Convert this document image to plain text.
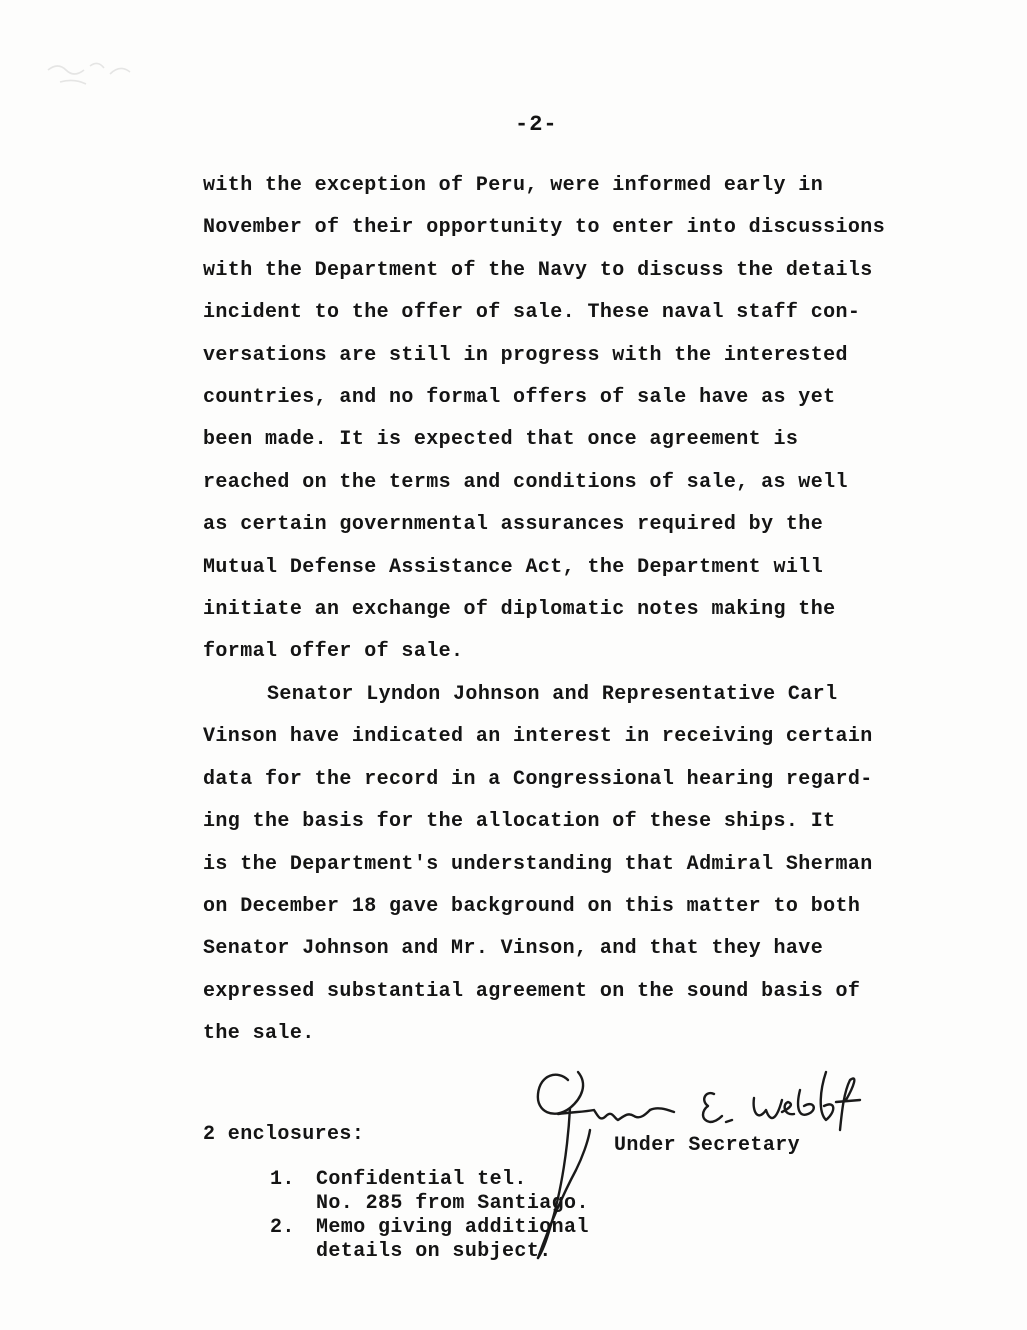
-2-

with the exception of Peru, were informed early in
November of their opportunity to enter into discussions
with the Department of the Navy to discuss the details
incident to the offer of sale. These naval staff con-
versations are still in progress with the interested
countries, and no formal offers of sale have as yet
been made. It is expected that once agreement is
reached on the terms and conditions of sale, as well
as certain governmental assurances required by the
Mutual Defense Assistance Act, the Department will
initiate an exchange of diplomatic notes making the
formal offer of sale.

Senator Lyndon Johnson and Representative Carl
Vinson have indicated an interest in receiving certain
data for the record in a Congressional hearing regard-
ing the basis for the allocation of these ships. It
is the Department's understanding that Admiral Sherman
on December 18 gave background on this matter to both
Senator Johnson and Mr. Vinson, and that they have
expressed substantial agreement on the sound basis of
the sale.

2 enclosures:	Under Secretary

1.	Confidential tel.
No. 285 from Santiago.
2.	Memo giving additional
details on subject.
